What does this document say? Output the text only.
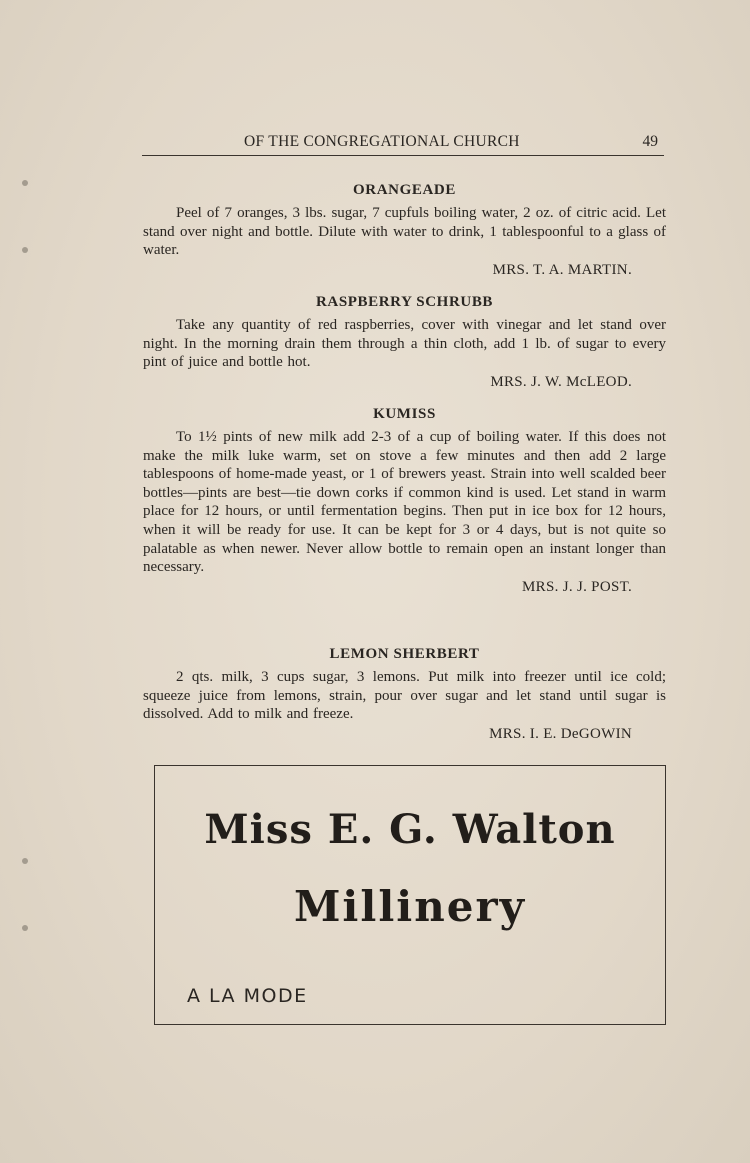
OF THE CONGREGATIONAL CHURCH	49
ORANGEADE

Peel of 7 oranges, 3 lbs. sugar, 7 cupfuls boiling water, 2 oz. of citric acid. Let stand over night and bottle. Dilute with water to drink, 1 tablespoonful to a glass of water.

MRS. T. A. MARTIN.
RASPBERRY SCHRUBB

Take any quantity of red raspberries, cover with vinegar and let stand over night. In the morning drain them through a thin cloth, add 1 lb. of sugar to every pint of juice and bottle hot.

MRS. J. W. McLEOD.
KUMISS

To 1½ pints of new milk add 2-3 of a cup of boiling water. If this does not make the milk luke warm, set on stove a few minutes and then add 2 large tablespoons of home-made yeast, or 1 of brewers yeast. Strain into well scalded beer bottles—pints are best—tie down corks if common kind is used. Let stand in warm place for 12 hours, or until fermentation begins. Then put in ice box for 12 hours, when it will be ready for use. It can be kept for 3 or 4 days, but is not quite so palatable as when newer. Never allow bottle to remain open an instant longer than necessary.

MRS. J. J. POST.
LEMON SHERBERT

2 qts. milk, 3 cups sugar, 3 lemons. Put milk into freezer until ice cold; squeeze juice from lemons, strain, pour over sugar and let stand until sugar is dissolved. Add to milk and freeze.

MRS. I. E. DeGOWIN
Miss E. G. Walton
Millinery
A LA MODE
